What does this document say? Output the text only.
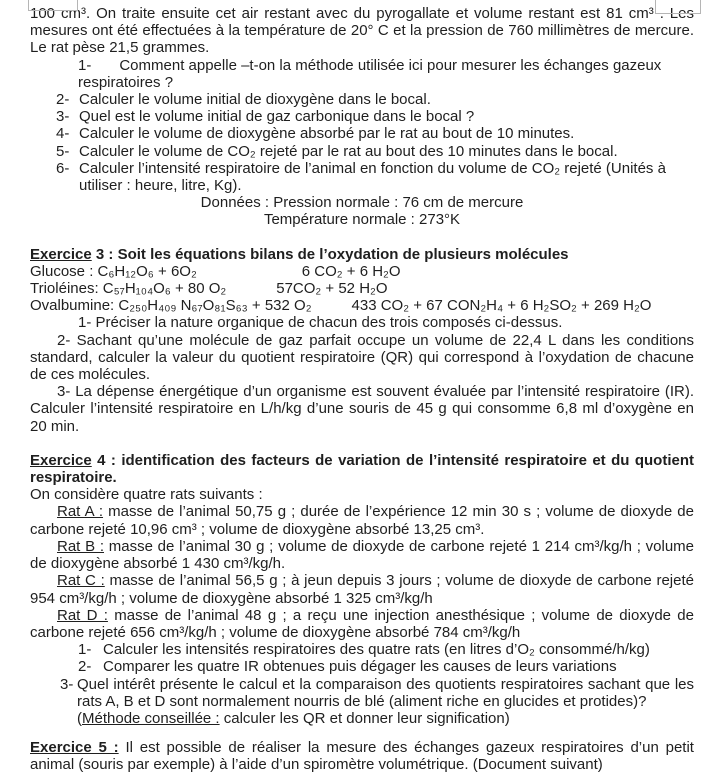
100 cm³. On traite ensuite cet air restant avec du pyrogallate et volume restant est 81 cm³ . Les mesures ont été effectuées à la température de 20° C et la pression de 760 millimètres de mercure. Le rat pèse 21,5 grammes.

1- Comment appelle –t-on la méthode utilisée ici pour mesurer les échanges gazeux
respiratoires ?
2- Calculer le volume initial de dioxygène dans le bocal.
3- Quel est le volume initial de gaz carbonique dans le bocal ?
4- Calculer le volume de dioxygène absorbé par le rat au bout de 10 minutes.
5- Calculer le volume de CO₂ rejeté par le rat au bout des 10 minutes dans le bocal.
6- Calculer l’intensité respiratoire de l’animal en fonction du volume de CO₂ rejeté (Unités à utiliser : heure, litre, Kg).

Données : Pression normale : 76 cm de mercure

Température normale : 273°K

Exercice 3 : Soit les équations bilans de l’oxydation de plusieurs molécules

Glucose : C₆H₁₂O₆ + 6O₂	6 CO₂ + 6 H₂O

Trioléines: C₅₇H₁₀₄O₆ + 80 O₂	57CO₂ + 52 H₂O

Ovalbumine: C₂₅₀H₄₀₉ N₆₇O₈₁S₆₃ + 532 O₂	433 CO₂ + 67 CON₂H₄ + 6 H₂SO₂ + 269 H₂O

1- Préciser la nature organique de chacun des trois composés ci-dessus.

2- Sachant qu’une molécule de gaz parfait occupe un volume de 22,4 L dans les conditions standard, calculer la valeur du quotient respiratoire (QR) qui correspond à l’oxydation de chacune de ces molécules.

3- La dépense énergétique d’un organisme est souvent évaluée par l’intensité respiratoire (IR). Calculer l’intensité respiratoire en L/h/kg d’une souris de 45 g qui consomme 6,8 ml d’oxygène en 20 min.

Exercice 4 : identification des facteurs de variation de l’intensité respiratoire et du quotient respiratoire.

On considère quatre rats suivants :

Rat A : masse de l’animal 50,75 g ; durée de l’expérience 12 min 30 s ; volume de dioxyde de carbone rejeté 10,96 cm³ ; volume de dioxygène absorbé 13,25 cm³.

Rat B : masse de l’animal 30 g ; volume de dioxyde de carbone rejeté 1 214 cm³/kg/h ; volume de dioxygène absorbé 1 430 cm³/kg/h.

Rat C : masse de l’animal 56,5 g ; à jeun depuis 3 jours ; volume de dioxyde de carbone rejeté 954 cm³/kg/h ; volume de dioxygène absorbé 1 325 cm³/kg/h

Rat D : masse de l’animal 48 g ; a reçu une injection anesthésique ; volume de dioxyde de carbone rejeté 656 cm³/kg/h ; volume de dioxygène absorbé 784 cm³/kg/h

1- Calculer les intensités respiratoires des quatre rats (en litres d’O₂ consommé/h/kg)
2- Comparer les quatre IR obtenues puis dégager les causes de leurs variations
3- Quel intérêt présente le calcul et la comparaison des quotients respiratoires sachant que les rats A, B et D sont normalement nourris de blé (aliment riche en glucides et protides)?
(Méthode conseillée : calculer les QR et donner leur signification)

Exercice 5 : Il est possible de réaliser la mesure des échanges gazeux respiratoires d’un petit animal (souris par exemple) à l’aide d’un spiromètre volumétrique. (Document suivant)
